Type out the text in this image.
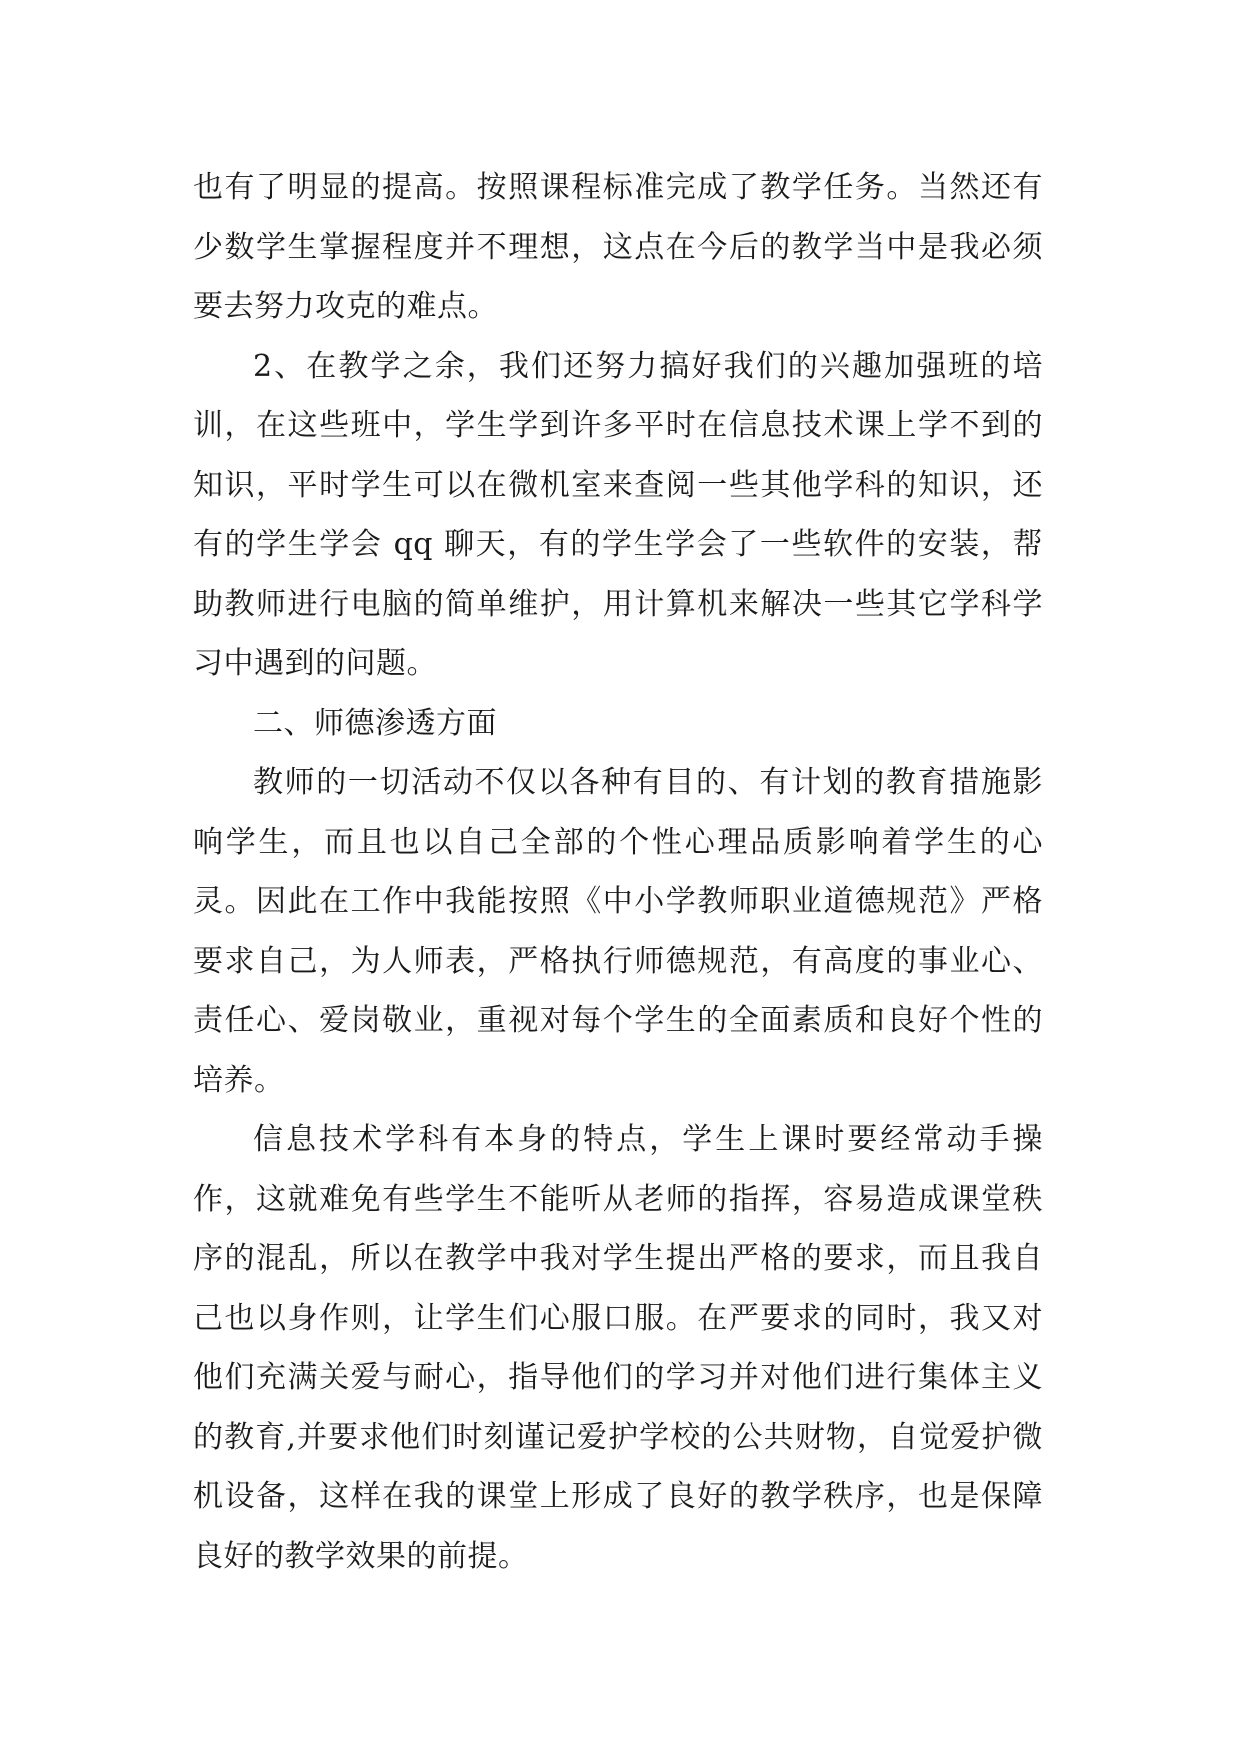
也有了明显的提高。按照课程标准完成了教学任务。当然还有少数学生掌握程度并不理想，这点在今后的教学当中是我必须要去努力攻克的难点。

2、在教学之余，我们还努力搞好我们的兴趣加强班的培训，在这些班中，学生学到许多平时在信息技术课上学不到的知识，平时学生可以在微机室来查阅一些其他学科的知识，还有的学生学会 qq 聊天，有的学生学会了一些软件的安装，帮助教师进行电脑的简单维护，用计算机来解决一些其它学科学习中遇到的问题。

二、师德渗透方面

教师的一切活动不仅以各种有目的、有计划的教育措施影响学生，而且也以自己全部的个性心理品质影响着学生的心灵。因此在工作中我能按照《中小学教师职业道德规范》严格要求自己，为人师表，严格执行师德规范，有高度的事业心、责任心、爱岗敬业，重视对每个学生的全面素质和良好个性的培养。

信息技术学科有本身的特点，学生上课时要经常动手操作，这就难免有些学生不能听从老师的指挥，容易造成课堂秩序的混乱，所以在教学中我对学生提出严格的要求，而且我自己也以身作则，让学生们心服口服。在严要求的同时，我又对他们充满关爱与耐心，指导他们的学习并对他们进行集体主义的教育,并要求他们时刻谨记爱护学校的公共财物，自觉爱护微机设备，这样在我的课堂上形成了良好的教学秩序，也是保障良好的教学效果的前提。
